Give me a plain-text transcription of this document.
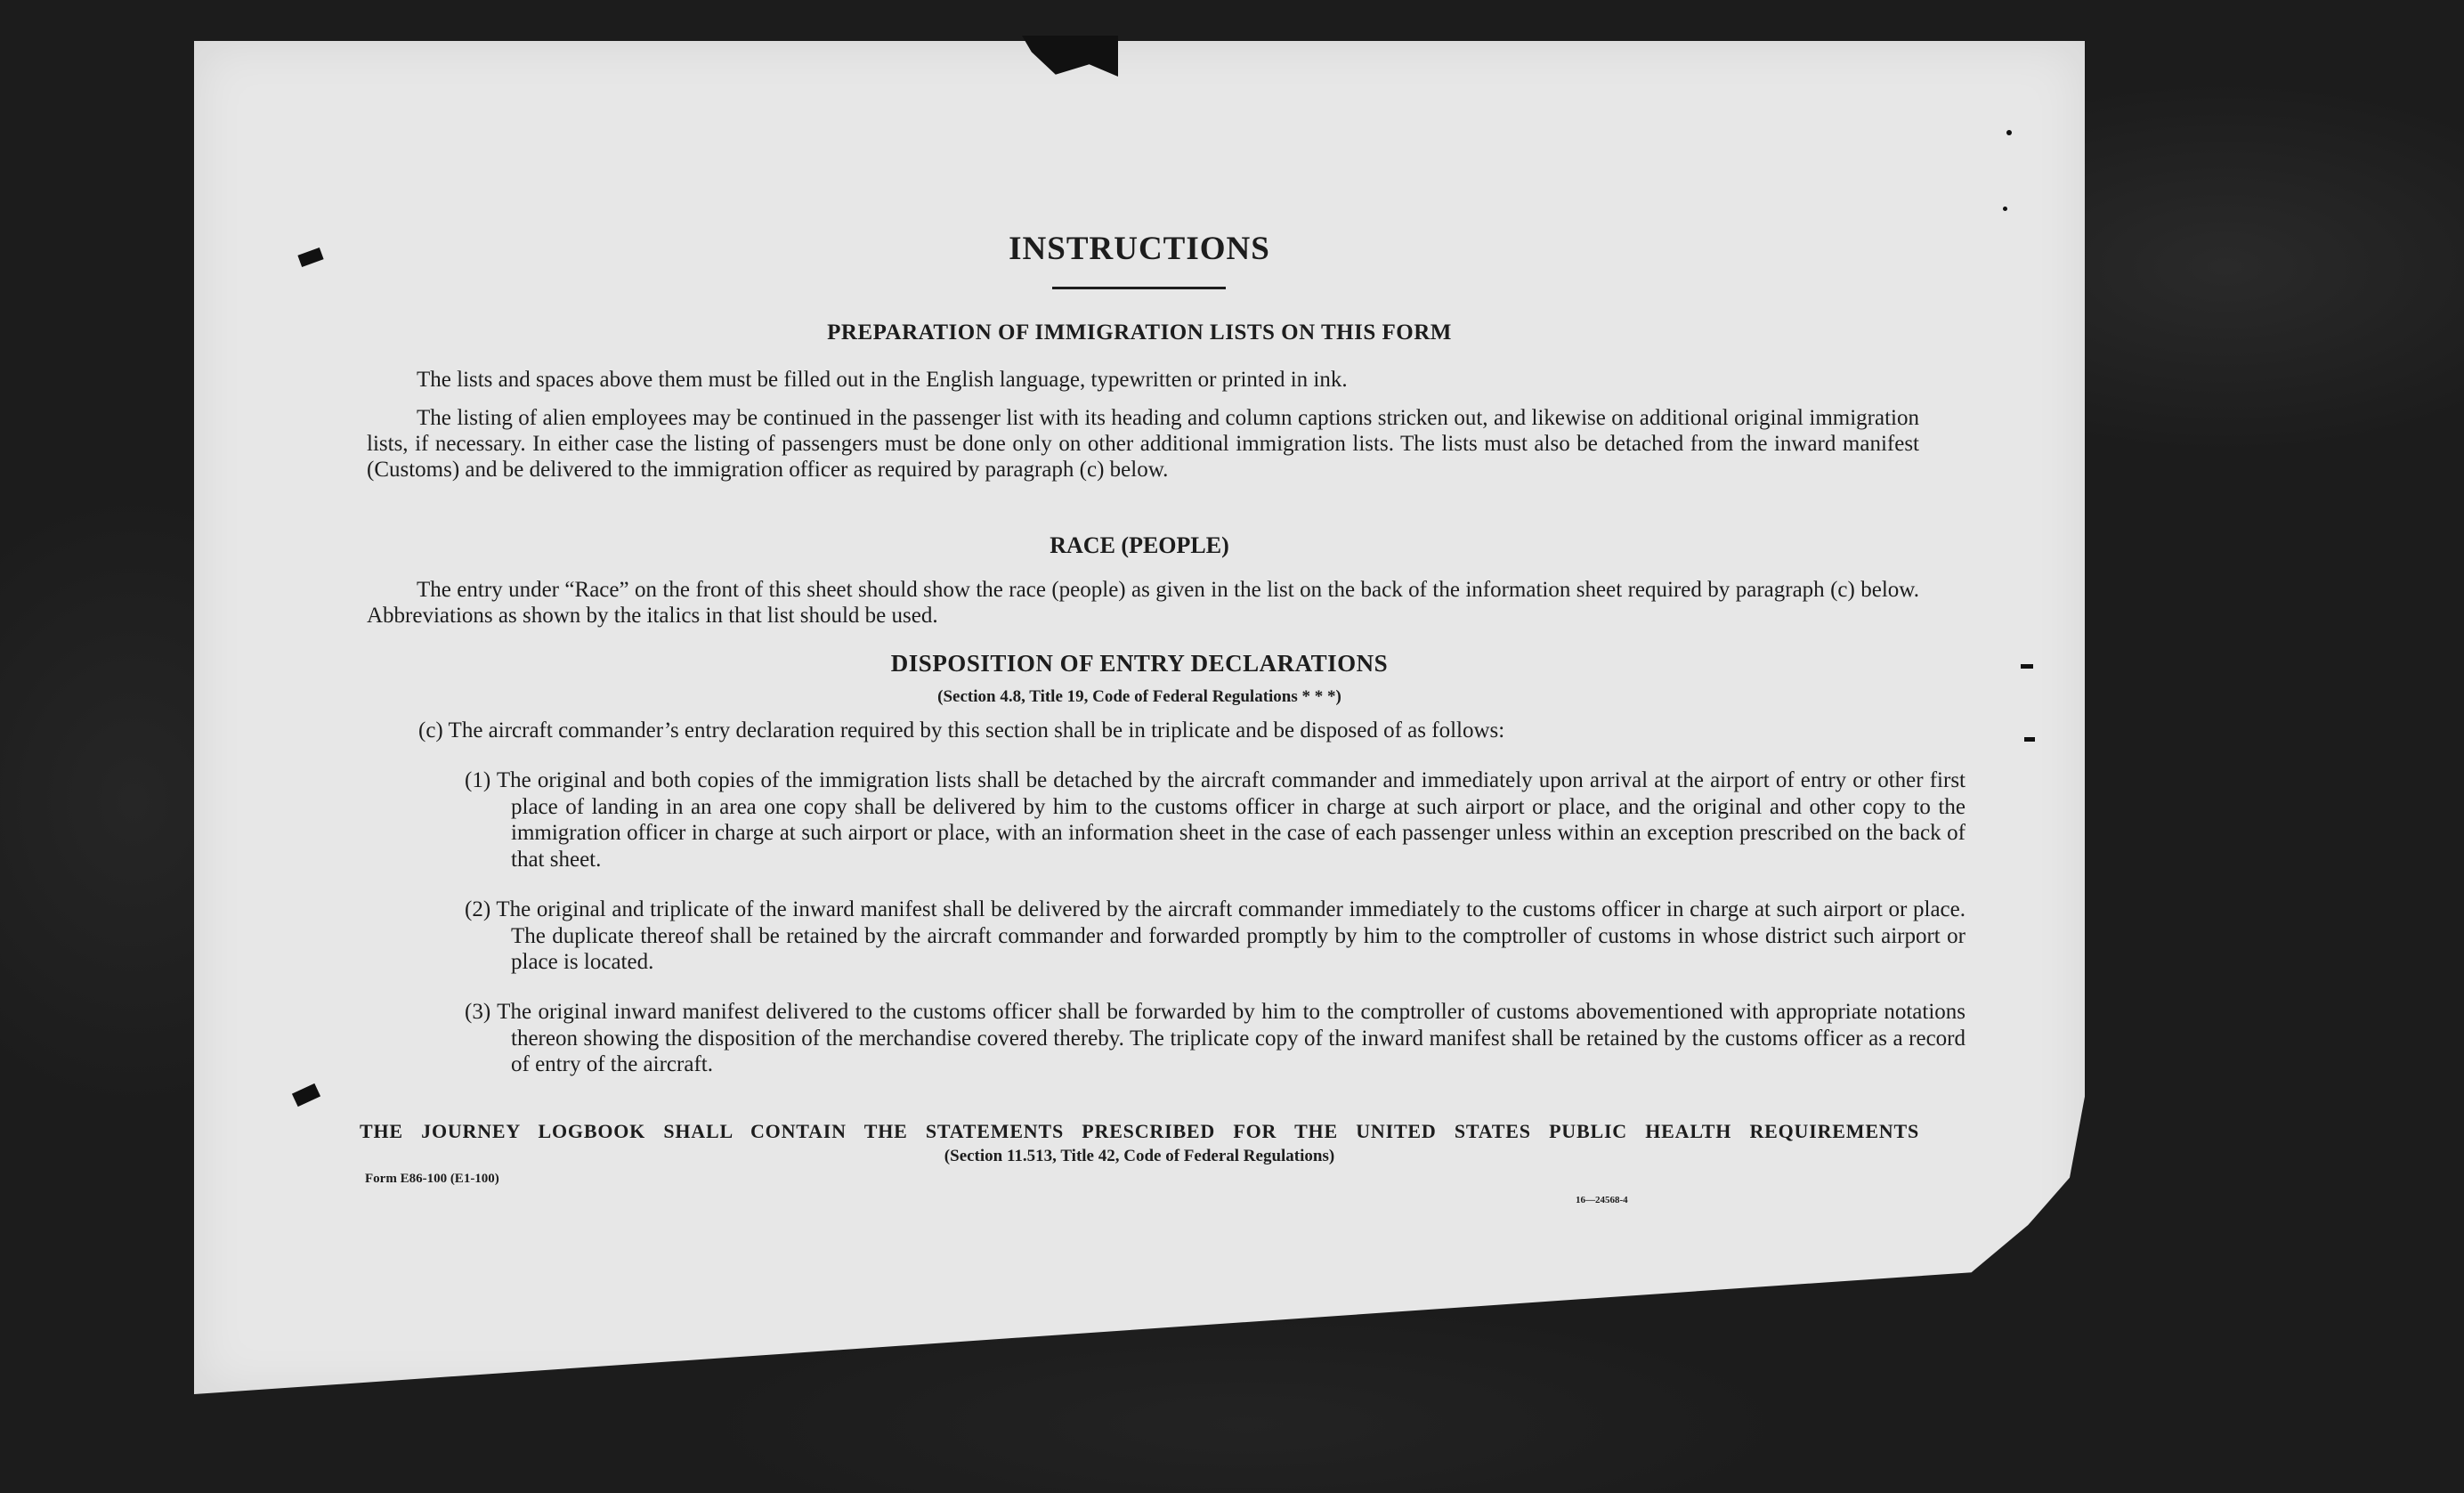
INSTRUCTIONS
PREPARATION OF IMMIGRATION LISTS ON THIS FORM
The lists and spaces above them must be filled out in the English language, typewritten or printed in ink.
The listing of alien employees may be continued in the passenger list with its heading and column captions stricken out, and likewise on additional original immigration lists, if necessary. In either case the listing of passengers must be done only on other additional immigration lists. The lists must also be detached from the inward manifest (Customs) and be delivered to the immigration officer as required by paragraph (c) below.
RACE (PEOPLE)
The entry under “Race” on the front of this sheet should show the race (people) as given in the list on the back of the information sheet required by paragraph (c) below. Abbreviations as shown by the italics in that list should be used.
DISPOSITION OF ENTRY DECLARATIONS
(Section 4.8, Title 19, Code of Federal Regulations * * *)
(c) The aircraft commander’s entry declaration required by this section shall be in triplicate and be disposed of as follows:
(1) The original and both copies of the immigration lists shall be detached by the aircraft commander and immediately upon arrival at the airport of entry or other first place of landing in an area one copy shall be delivered by him to the customs officer in charge at such airport or place, and the original and other copy to the immigration officer in charge at such airport or place, with an information sheet in the case of each passenger unless within an exception prescribed on the back of that sheet.
(2) The original and triplicate of the inward manifest shall be delivered by the aircraft commander immediately to the customs officer in charge at such airport or place. The duplicate thereof shall be retained by the aircraft commander and forwarded promptly by him to the comptroller of customs in whose district such airport or place is located.
(3) The original inward manifest delivered to the customs officer shall be forwarded by him to the comptroller of customs abovementioned with appropriate notations thereon showing the disposition of the merchandise covered thereby. The triplicate copy of the inward manifest shall be retained by the customs officer as a record of entry of the aircraft.
THE JOURNEY LOGBOOK SHALL CONTAIN THE STATEMENTS PRESCRIBED FOR THE UNITED STATES PUBLIC HEALTH REQUIREMENTS
(Section 11.513, Title 42, Code of Federal Regulations)
Form E86-100 (E1-100)
16—24568-4
